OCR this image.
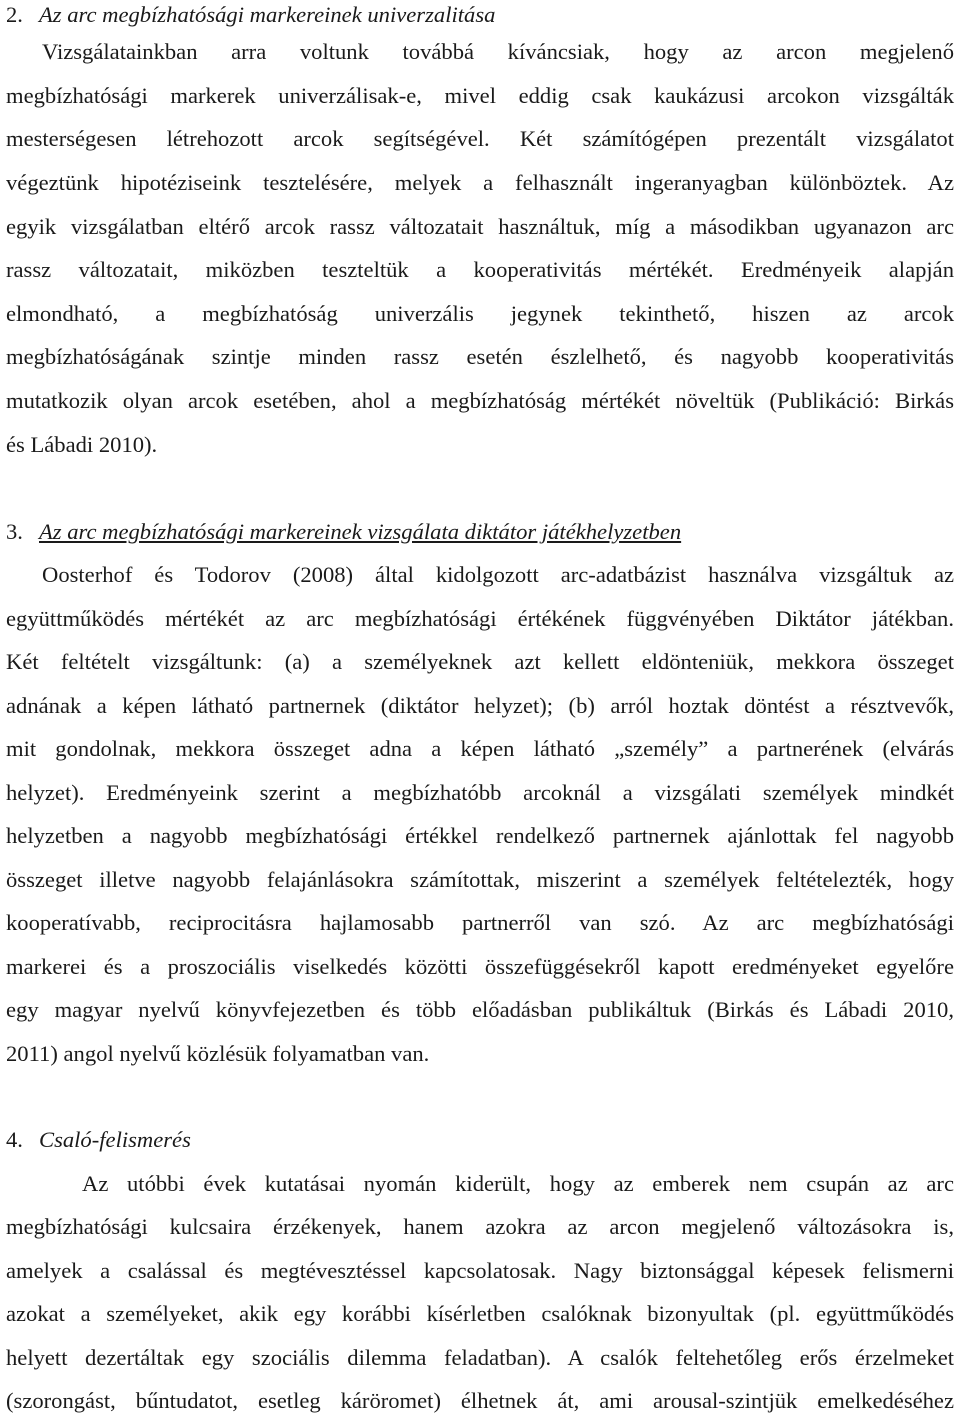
2. Az arc megbízhatósági markereinek univerzalitása
Vizsgálatainkban arra voltunk továbbá kíváncsiak, hogy az arcon megjelenő
megbízhatósági markerek univerzálisak-e, mivel eddig csak kaukázusi arcokon vizsgálták
mesterségesen létrehozott arcok segítségével. Két számítógépen prezentált vizsgálatot
végeztünk hipotéziseink tesztelésére, melyek a felhasznált ingeranyagban különböztek. Az
egyik vizsgálatban eltérő arcok rassz változatait használtuk, míg a másodikban ugyanazon arc
rassz változatait, miközben teszteltük a kooperativitás mértékét. Eredményeik alapján
elmondható, a megbízhatóság univerzális jegynek tekinthető, hiszen az arcok
megbízhatóságának szintje minden rassz esetén észlelhető, és nagyobb kooperativitás
mutatkozik olyan arcok esetében, ahol a megbízhatóság mértékét növeltük (Publikáció: Birkás
és Lábadi 2010).
3. Az arc megbízhatósági markereinek vizsgálata diktátor játékhelyzetben
Oosterhof és Todorov (2008) által kidolgozott arc-adatbázist használva vizsgáltuk az
együttműködés mértékét az arc megbízhatósági értékének függvényében Diktátor játékban.
Két feltételt vizsgáltunk: (a) a személyeknek azt kellett eldönteniük, mekkora összeget
adnának a képen látható partnernek (diktátor helyzet); (b) arról hoztak döntést a résztvevők,
mit gondolnak, mekkora összeget adna a képen látható „személy” a partnerének (elvárás
helyzet). Eredményeink szerint a megbízhatóbb arcoknál a vizsgálati személyek mindkét
helyzetben a nagyobb megbízhatósági értékkel rendelkező partnernek ajánlottak fel nagyobb
összeget illetve nagyobb felajánlásokra számítottak, miszerint a személyek feltételezték, hogy
kooperatívabb, reciprocitásra hajlamosabb partnerről van szó. Az arc megbízhatósági
markerei és a proszociális viselkedés közötti összefüggésekről kapott eredményeket egyelőre
egy magyar nyelvű könyvfejezetben és több előadásban publikáltuk (Birkás és Lábadi 2010,
2011) angol nyelvű közlésük folyamatban van.
4. Csaló-felismerés
Az utóbbi évek kutatásai nyomán kiderült, hogy az emberek nem csupán az arc
megbízhatósági kulcsaira érzékenyek, hanem azokra az arcon megjelenő változásokra is,
amelyek a csalással és megtévesztéssel kapcsolatosak. Nagy biztonsággal képesek felismerni
azokat a személyeket, akik egy korábbi kísérletben csalóknak bizonyultak (pl. együttműködés
helyett dezertáltak egy szociális dilemma feladatban). A csalók feltehetőleg erős érzelmeket
(szorongást, bűntudatot, esetleg káröromet) élhetnek át, ami arousal-szintjük emelkedéséhez
